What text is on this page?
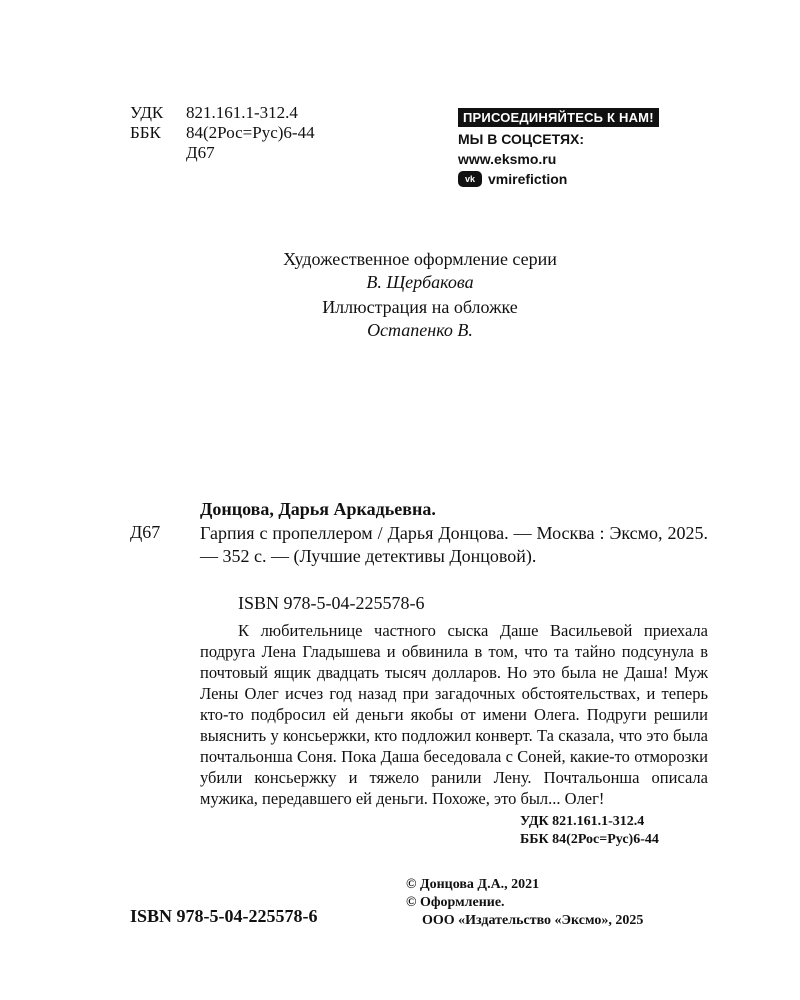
УДК	821.161.1-312.4
ББК	84(2Рос=Рус)6-44
Д67
ПРИСОЕДИНЯЙТЕСЬ К НАМ!
МЫ В СОЦСЕТЯХ:
www.eksmo.ru
vk vmirefiction
Художественное оформление серии
В. Щербакова
Иллюстрация на обложке
Остапенко В.
Донцова, Дарья Аркадьевна.
Д67 Гарпия с пропеллером / Дарья Донцова. — Москва : Эксмо, 2025. — 352 с. — (Лучшие детективы Донцовой).
ISBN 978-5-04-225578-6
К любительнице частного сыска Даше Васильевой приехала подруга Лена Гладышева и обвинила в том, что та тайно подсунула в почтовый ящик двадцать тысяч долларов. Но это была не Даша! Муж Лены Олег исчез год назад при загадочных обстоятельствах, и теперь кто-то подбросил ей деньги якобы от имени Олега. Подруги решили выяснить у консьержки, кто подложил конверт. Та сказала, что это была почтальонша Соня. Пока Даша беседовала с Соней, какие-то отморозки убили консьержку и тяжело ранили Лену. Почтальонша описала мужика, передавшего ей деньги. Похоже, это был... Олег!
УДК 821.161.1-312.4
ББК 84(2Рос=Рус)6-44
ISBN 978-5-04-225578-6
© Донцова Д.А., 2021
© Оформление.
ООО «Издательство «Эксмо», 2025
